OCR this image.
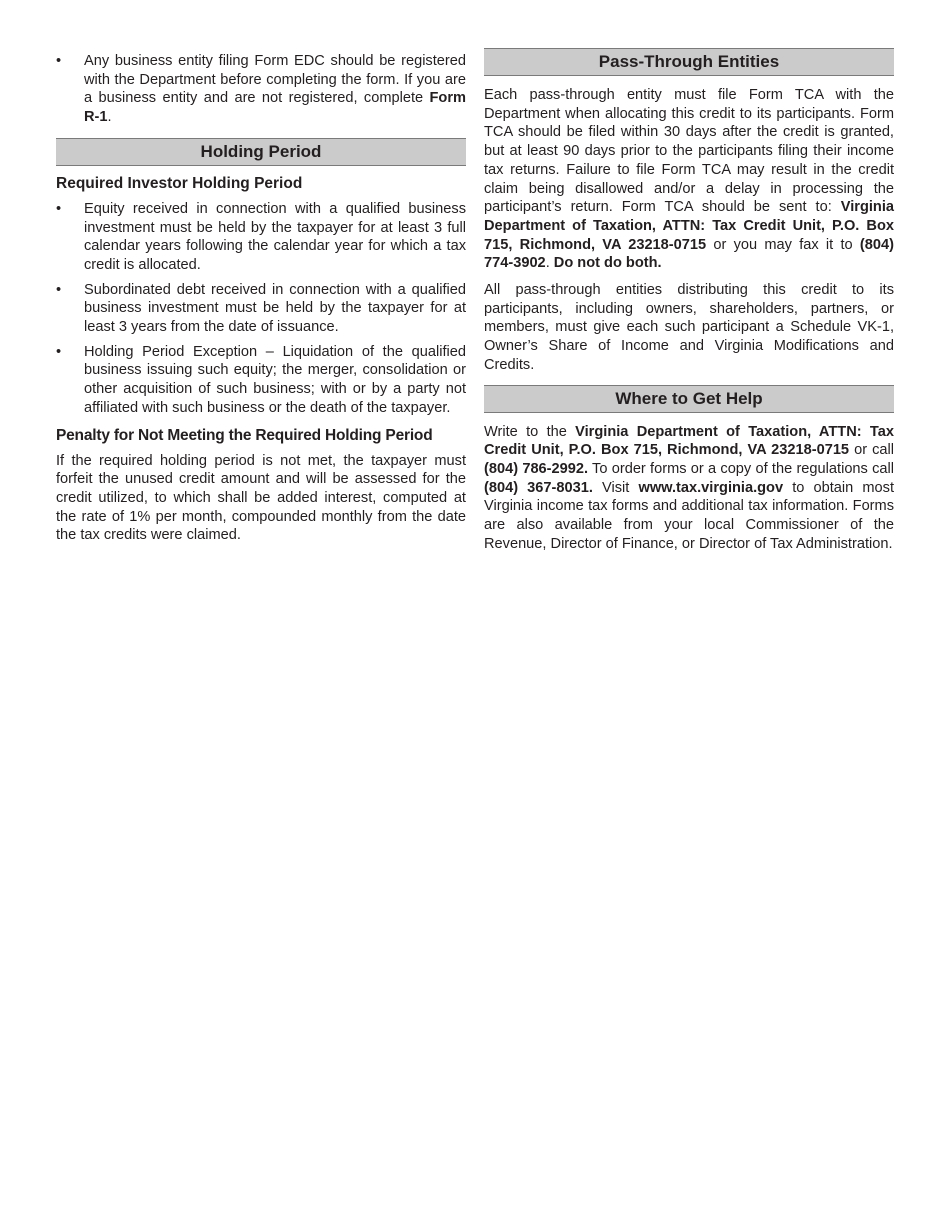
• Any business entity filing Form EDC should be registered with the Department before completing the form. If you are a business entity and are not registered, complete Form R-1.
Holding Period
Required Investor Holding Period
• Equity received in connection with a qualified business investment must be held by the taxpayer for at least 3 full calendar years following the calendar year for which a tax credit is allocated.
• Subordinated debt received in connection with a qualified business investment must be held by the taxpayer for at least 3 years from the date of issuance.
• Holding Period Exception – Liquidation of the qualified business issuing such equity; the merger, consolidation or other acquisition of such business; with or by a party not affiliated with such business or the death of the taxpayer.
Penalty for Not Meeting the Required Holding Period

If the required holding period is not met, the taxpayer must forfeit the unused credit amount and will be assessed for the credit utilized, to which shall be added interest, computed at the rate of 1% per month, compounded monthly from the date the tax credits were claimed.

Pass-Through Entities

Each pass-through entity must file Form TCA with the Department when allocating this credit to its participants. Form TCA should be filed within 30 days after the credit is granted, but at least 90 days prior to the participants filing their income tax returns. Failure to file Form TCA may result in the credit claim being disallowed and/or a delay in processing the participant’s return. Form TCA should be sent to: Virginia Department of Taxation, ATTN: Tax Credit Unit, P.O. Box 715, Richmond, VA 23218-0715 or you may fax it to (804) 774-3902. Do not do both.

All pass-through entities distributing this credit to its participants, including owners, shareholders, partners, or members, must give each such participant a Schedule VK-1, Owner’s Share of Income and Virginia Modifications and Credits.

Where to Get Help

Write to the Virginia Department of Taxation, ATTN: Tax Credit Unit, P.O. Box 715, Richmond, VA 23218-0715 or call (804) 786-2992. To order forms or a copy of the regulations call (804) 367-8031. Visit www.tax.virginia.gov to obtain most Virginia income tax forms and additional tax information. Forms are also available from your local Commissioner of the Revenue, Director of Finance, or Director of Tax Administration.
